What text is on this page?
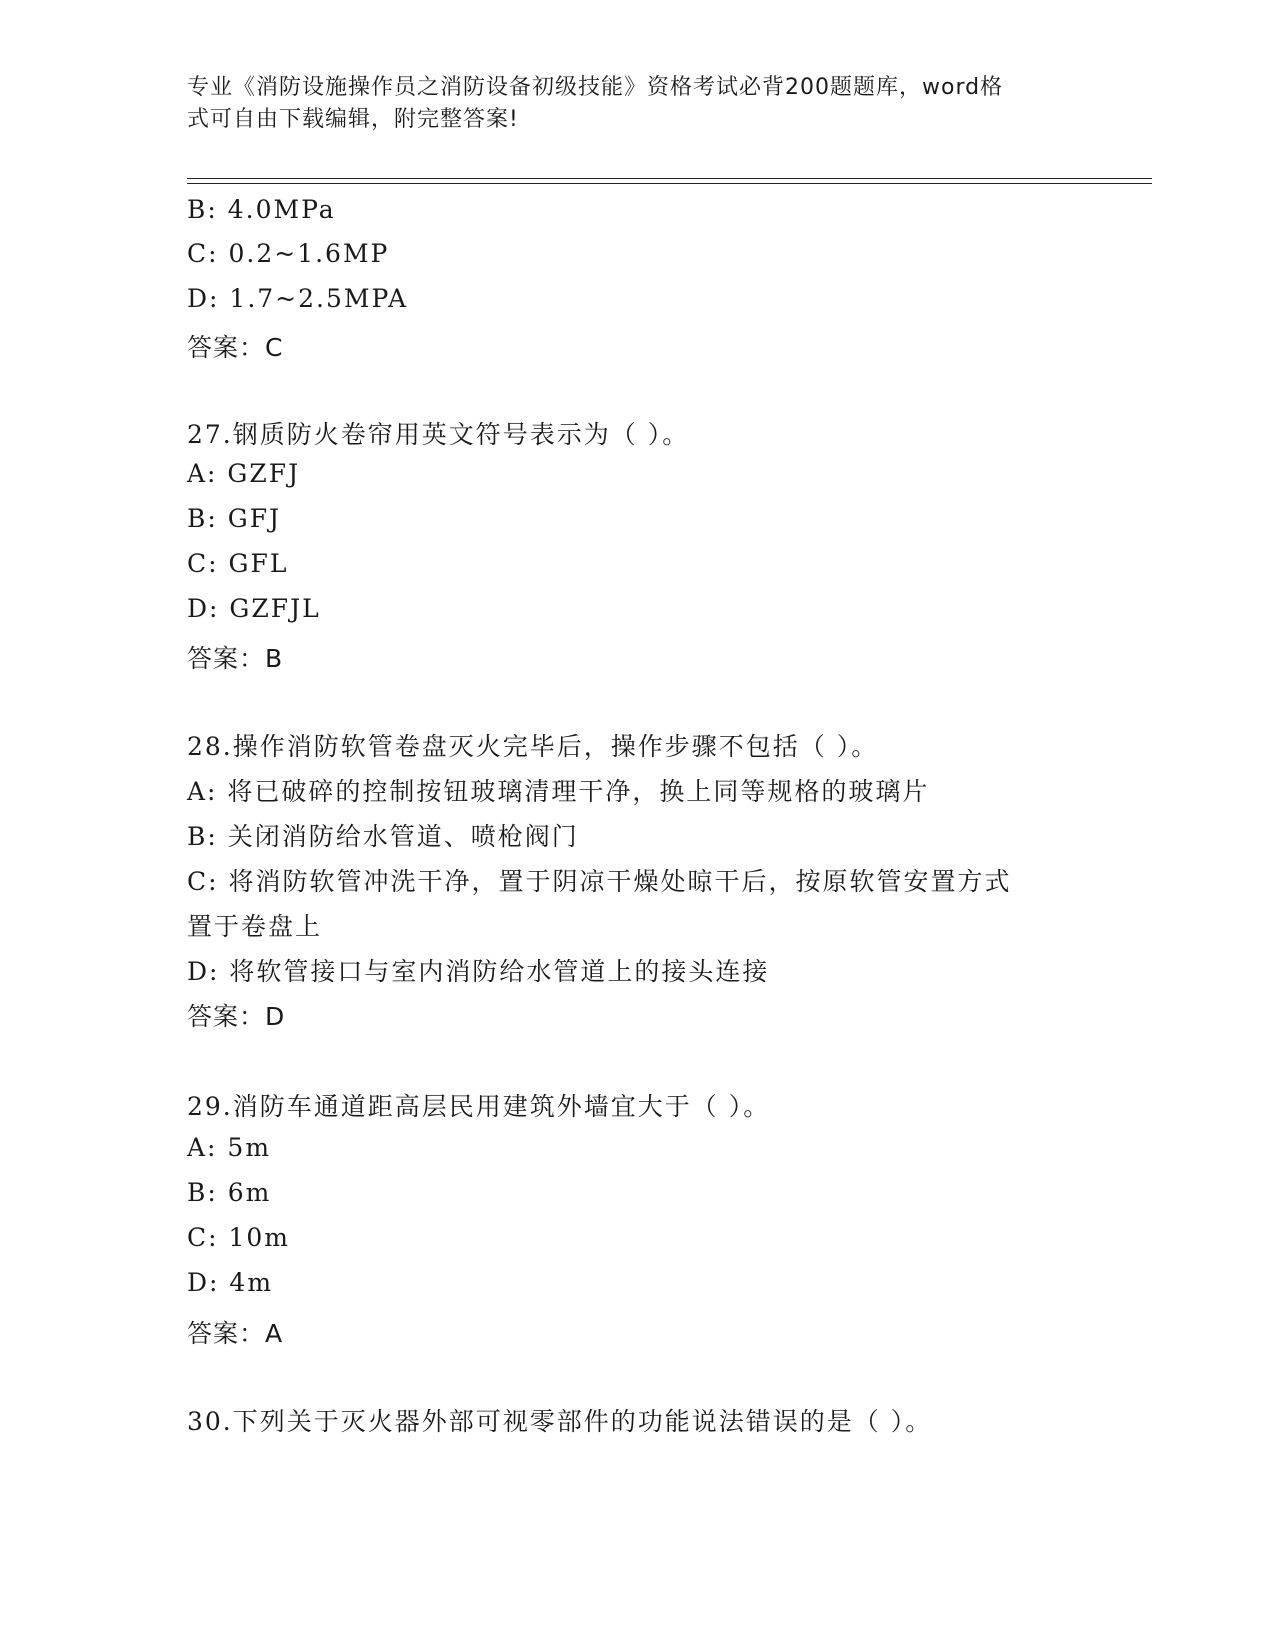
专业《消防设施操作员之消防设备初级技能》资格考试必背200题题库，word格
式可自由下载编辑，附完整答案!
B: 4.0MPa
C: 0.2~1.6MP
D: 1.7~2.5MPA
答案：C
27.钢质防火卷帘用英文符号表示为（ ）。
A: GZFJ
B: GFJ
C: GFL
D: GZFJL
答案：B
28.操作消防软管卷盘灭火完毕后，操作步骤不包括（ ）。
A: 将已破碎的控制按钮玻璃清理干净，换上同等规格的玻璃片
B: 关闭消防给水管道、喷枪阀门
C: 将消防软管冲洗干净，置于阴凉干燥处晾干后，按原软管安置方式
置于卷盘上
D: 将软管接口与室内消防给水管道上的接头连接
答案：D
29.消防车通道距高层民用建筑外墙宜大于（ ）。
A: 5m
B: 6m
C: 10m
D: 4m
答案：A
30.下列关于灭火器外部可视零部件的功能说法错误的是（ ）。
